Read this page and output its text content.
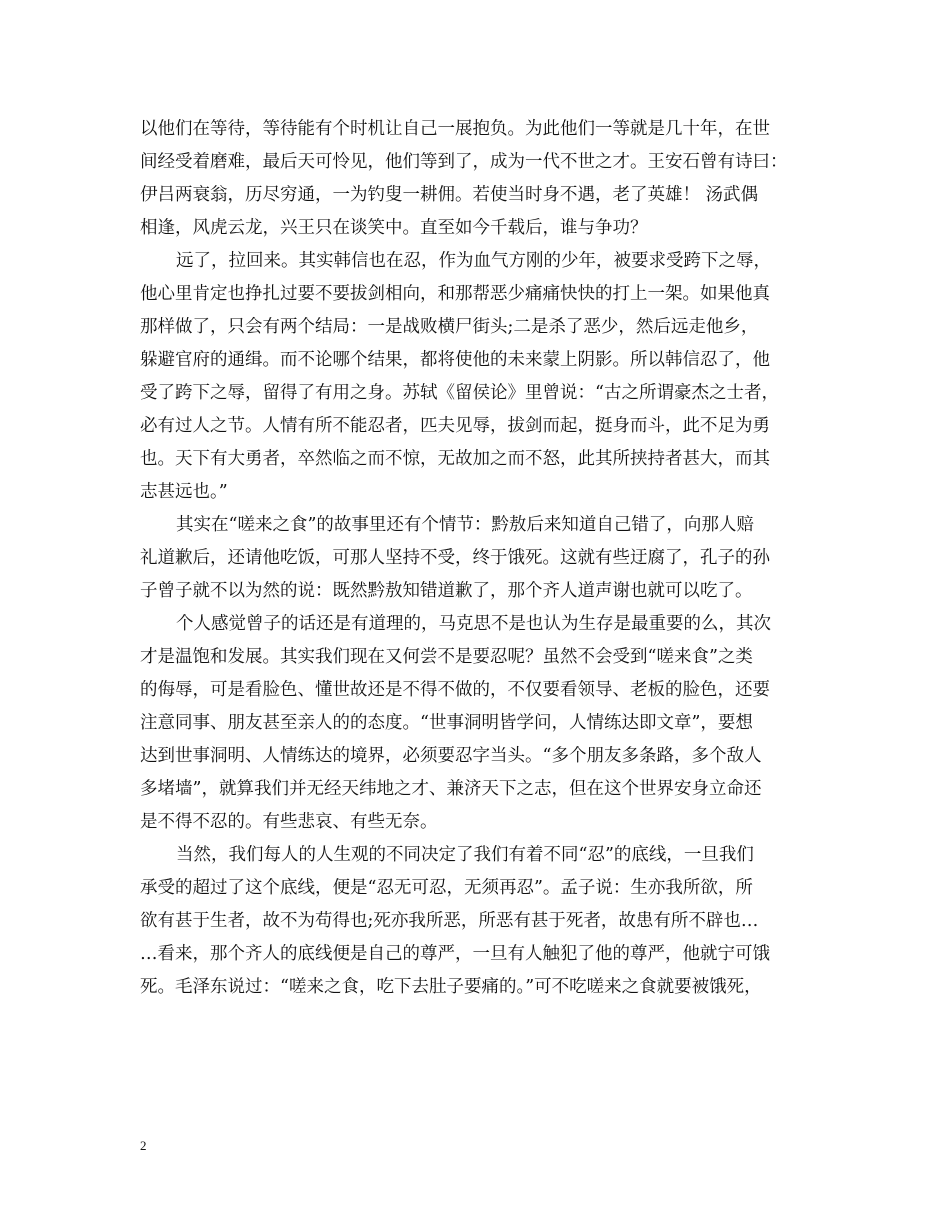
以他们在等待，等待能有个时机让自己一展抱负。为此他们一等就是几十年，在世
间经受着磨难，最后天可怜见，他们等到了，成为一代不世之才。王安石曾有诗曰：
伊吕两衰翁，历尽穷通，一为钓叟一耕佣。若使当时身不遇，老了英雄！ 汤武偶
相逢，风虎云龙，兴王只在谈笑中。直至如今千载后，谁与争功？
远了，拉回来。其实韩信也在忍，作为血气方刚的少年，被要求受跨下之辱，
他心里肯定也挣扎过要不要拔剑相向，和那帮恶少痛痛快快的打上一架。如果他真
那样做了，只会有两个结局：一是战败横尸街头;二是杀了恶少，然后远走他乡，
躲避官府的通缉。而不论哪个结果，都将使他的未来蒙上阴影。所以韩信忍了，他
受了跨下之辱，留得了有用之身。苏轼《留侯论》里曾说：“古之所谓豪杰之士者，
必有过人之节。人情有所不能忍者，匹夫见辱，拔剑而起，挺身而斗，此不足为勇
也。天下有大勇者，卒然临之而不惊，无故加之而不怒，此其所挟持者甚大，而其
志甚远也。”
其实在“嗟来之食”的故事里还有个情节：黔敖后来知道自己错了，向那人赔
礼道歉后，还请他吃饭，可那人坚持不受，终于饿死。这就有些迂腐了，孔子的孙
子曾子就不以为然的说：既然黔敖知错道歉了，那个齐人道声谢也就可以吃了。
个人感觉曾子的话还是有道理的，马克思不是也认为生存是最重要的么，其次
才是温饱和发展。其实我们现在又何尝不是要忍呢？虽然不会受到“嗟来食”之类
的侮辱，可是看脸色、懂世故还是不得不做的，不仅要看领导、老板的脸色，还要
注意同事、朋友甚至亲人的的态度。“世事洞明皆学问，人情练达即文章”，要想
达到世事洞明、人情练达的境界，必须要忍字当头。“多个朋友多条路，多个敌人
多堵墙”，就算我们并无经天纬地之才、兼济天下之志，但在这个世界安身立命还
是不得不忍的。有些悲哀、有些无奈。
当然，我们每人的人生观的不同决定了我们有着不同“忍”的底线，一旦我们
承受的超过了这个底线，便是“忍无可忍，无须再忍”。孟子说：生亦我所欲，所
欲有甚于生者，故不为苟得也;死亦我所恶，所恶有甚于死者，故患有所不辟也…
…看来，那个齐人的底线便是自己的尊严，一旦有人触犯了他的尊严，他就宁可饿
死。毛泽东说过：“嗟来之食，吃下去肚子要痛的。”可不吃嗟来之食就要被饿死，
2
